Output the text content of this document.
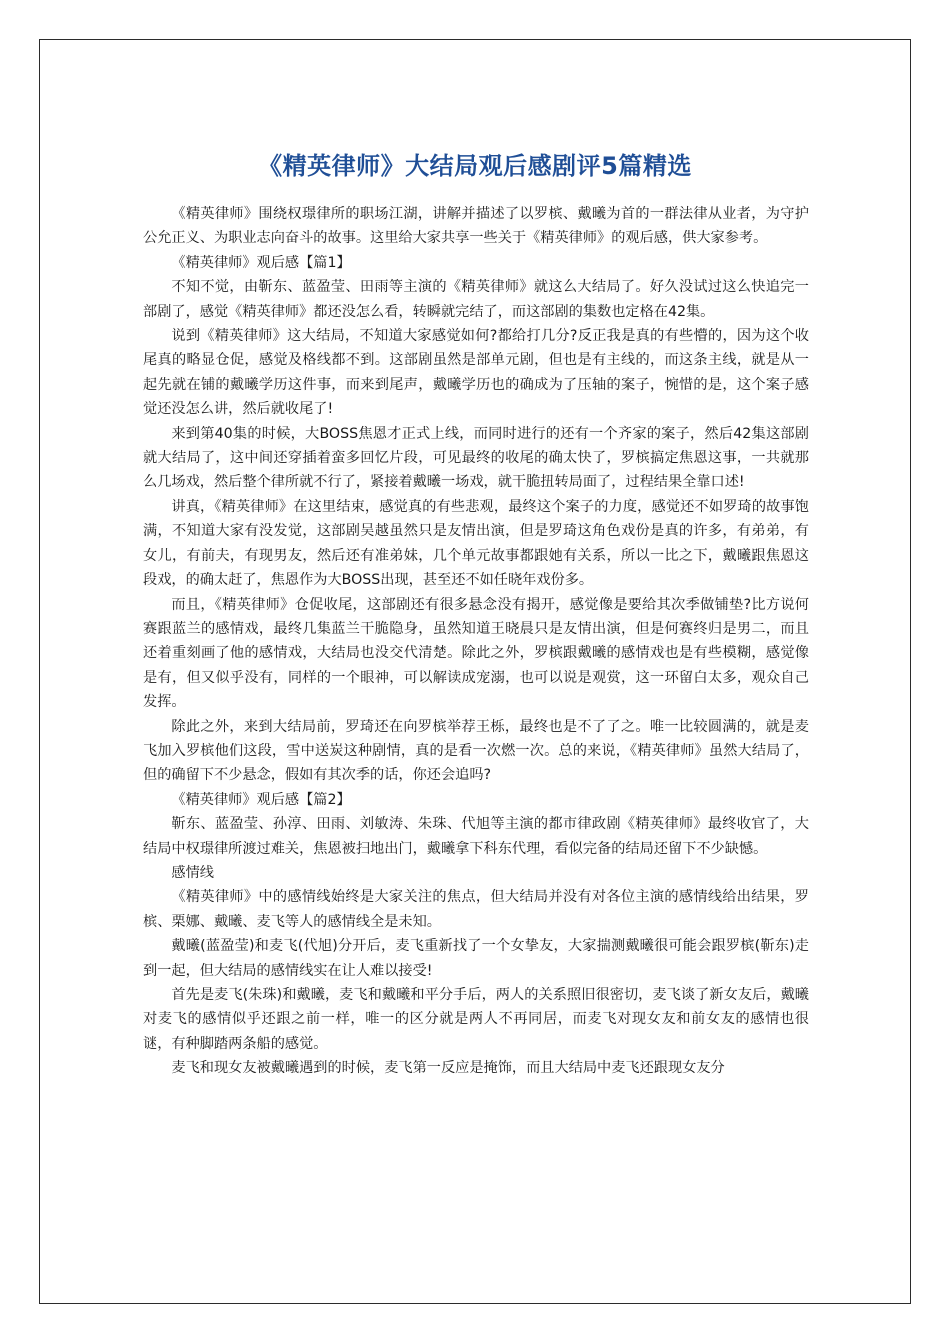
《精英律师》大结局观后感剧评5篇精选

《精英律师》围绕权璟律所的职场江湖，讲解并描述了以罗槟、戴曦为首的一群法律从业者，为守护公允正义、为职业志向奋斗的故事。这里给大家共享一些关于《精英律师》的观后感，供大家参考。

《精英律师》观后感【篇1】

不知不觉，由靳东、蓝盈莹、田雨等主演的《精英律师》就这么大结局了。好久没试过这么快追完一部剧了，感觉《精英律师》都还没怎么看，转瞬就完结了，而这部剧的集数也定格在42集。

说到《精英律师》这大结局，不知道大家感觉如何?都给打几分?反正我是真的有些懵的，因为这个收尾真的略显仓促，感觉及格线都不到。这部剧虽然是部单元剧，但也是有主线的，而这条主线，就是从一起先就在铺的戴曦学历这件事，而来到尾声，戴曦学历也的确成为了压轴的案子，惋惜的是，这个案子感觉还没怎么讲，然后就收尾了!

来到第40集的时候，大BOSS焦恩才正式上线，而同时进行的还有一个齐家的案子，然后42集这部剧就大结局了，这中间还穿插着蛮多回忆片段，可见最终的收尾的确太快了，罗槟搞定焦恩这事，一共就那么几场戏，然后整个律所就不行了，紧接着戴曦一场戏，就干脆扭转局面了，过程结果全靠口述!

讲真，《精英律师》在这里结束，感觉真的有些悲观，最终这个案子的力度，感觉还不如罗琦的故事饱满，不知道大家有没发觉，这部剧吴越虽然只是友情出演，但是罗琦这角色戏份是真的许多，有弟弟，有女儿，有前夫，有现男友，然后还有准弟妹，几个单元故事都跟她有关系，所以一比之下，戴曦跟焦恩这段戏，的确太赶了，焦恩作为大BOSS出现，甚至还不如任晓年戏份多。

而且，《精英律师》仓促收尾，这部剧还有很多悬念没有揭开，感觉像是要给其次季做铺垫?比方说何赛跟蓝兰的感情戏，最终几集蓝兰干脆隐身，虽然知道王晓晨只是友情出演，但是何赛终归是男二，而且还着重刻画了他的感情戏，大结局也没交代清楚。除此之外，罗槟跟戴曦的感情戏也是有些模糊，感觉像是有，但又似乎没有，同样的一个眼神，可以解读成宠溺，也可以说是观赏，这一环留白太多，观众自己发挥。

除此之外，来到大结局前，罗琦还在向罗槟举荐王栎，最终也是不了了之。唯一比较圆满的，就是麦飞加入罗槟他们这段，雪中送炭这种剧情，真的是看一次燃一次。总的来说，《精英律师》虽然大结局了，但的确留下不少悬念，假如有其次季的话，你还会追吗?

《精英律师》观后感【篇2】

靳东、蓝盈莹、孙淳、田雨、刘敏涛、朱珠、代旭等主演的都市律政剧《精英律师》最终收官了，大结局中权璟律所渡过难关，焦恩被扫地出门，戴曦拿下科东代理，看似完备的结局还留下不少缺憾。

感情线

《精英律师》中的感情线始终是大家关注的焦点，但大结局并没有对各位主演的感情线给出结果，罗槟、栗娜、戴曦、麦飞等人的感情线全是未知。

戴曦(蓝盈莹)和麦飞(代旭)分开后，麦飞重新找了一个女挚友，大家揣测戴曦很可能会跟罗槟(靳东)走到一起，但大结局的感情线实在让人难以接受!

首先是麦飞(朱珠)和戴曦，麦飞和戴曦和平分手后，两人的关系照旧很密切，麦飞谈了新女友后，戴曦对麦飞的感情似乎还跟之前一样，唯一的区分就是两人不再同居，而麦飞对现女友和前女友的感情也很谜，有种脚踏两条船的感觉。

麦飞和现女友被戴曦遇到的时候，麦飞第一反应是掩饰，而且大结局中麦飞还跟现女友分
